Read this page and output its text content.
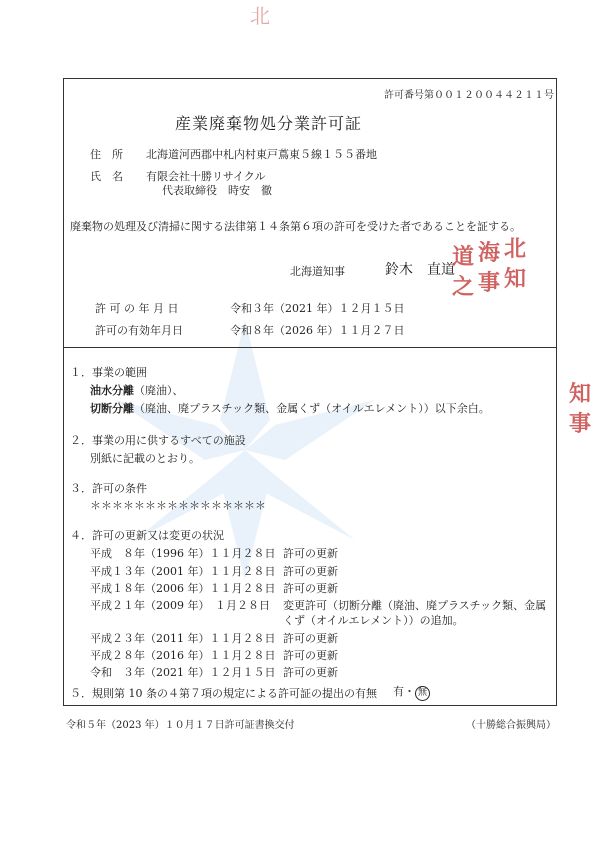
北
許可番号第００１２００４４２１１号
産業廃棄物処分業許可証
住　所 北海道河西郡中札内村東戸蔦東５線１５５番地
氏　名 有限会社十勝リサイクル
代表取締役　時安　徹
廃棄物の処理及び清掃に関する法律第１４条第６項の許可を受けた者であることを証する。
北海道知事	鈴木　直道
北
海
道
知
事
之
許 可 の 年 月 日	令和３年（2021 年）１２月１５日
許可の有効年月日	令和８年（2026 年）１１月２７日
１．事業の範囲
油水分離（廃油）、
切断分離（廃油、廃プラスチック類、金属くず（オイルエレメント））以下余白。
２．事業の用に供するすべての施設
別紙に記載のとおり。
３．許可の条件
＊＊＊＊＊＊＊＊＊＊＊＊＊＊＊＊
４．許可の更新又は変更の状況
平成　８年（1996 年）１１月２８日 許可の更新
平成１３年（2001 年）１１月２８日 許可の更新
平成１８年（2006 年）１１月２８日 許可の更新
平成２１年（2009 年）　１月２８日 変更許可（切断分離（廃油、廃プラスチック類、金属
くず（オイルエレメント））の追加。
平成２３年（2011 年）１１月２８日 許可の更新
平成２８年（2016 年）１１月２８日 許可の更新
令和　３年（2021 年）１２月１５日 許可の更新
５．規則第 10 条の４第７項の規定による許可証の提出の有無 有・ 無
令和５年（2023 年）１０月１７日許可証書換交付	（十勝総合振興局）
知
事
